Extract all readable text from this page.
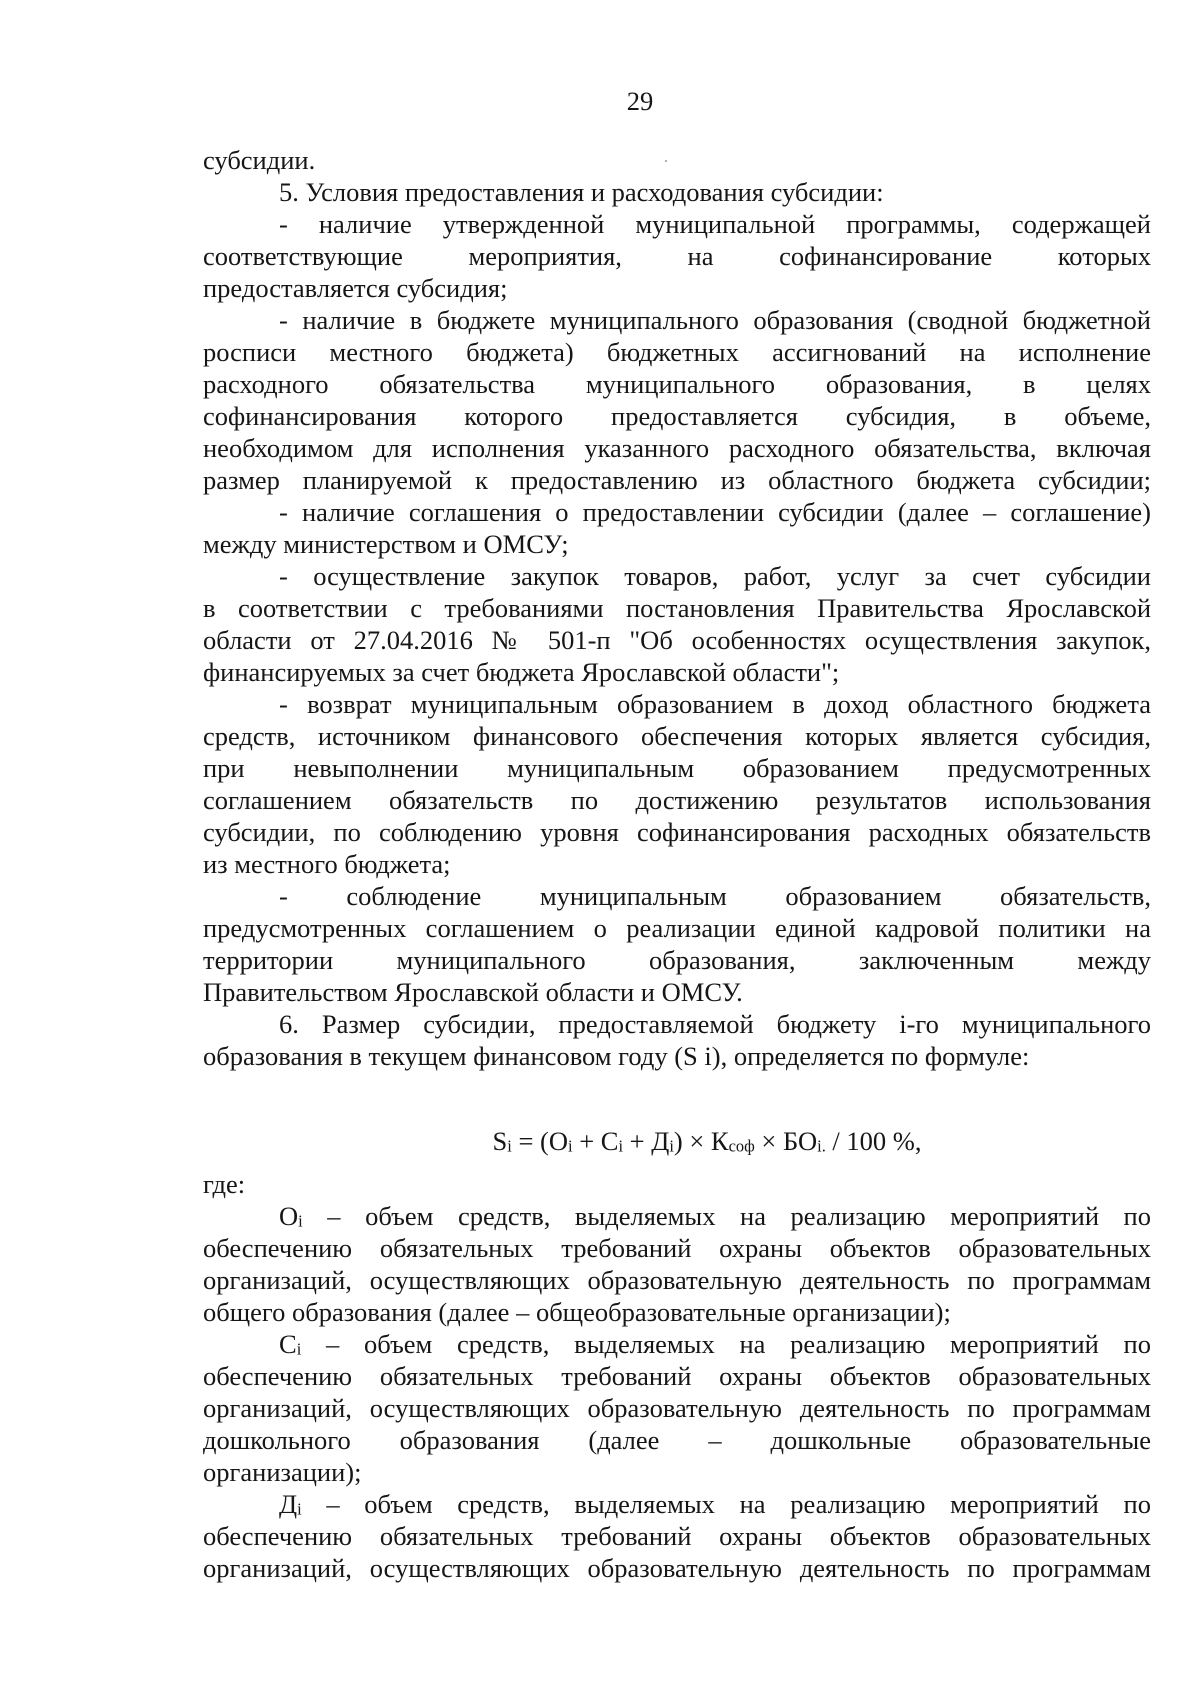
29
субсидии.
5. Условия предоставления и расходования субсидии:
- наличие утвержденной муниципальной программы, содержащей
соответствующие мероприятия, на софинансирование которых
предоставляется субсидия;
- наличие в бюджете муниципального образования (сводной бюджетной
росписи местного бюджета) бюджетных ассигнований на исполнение
расходного обязательства муниципального образования, в целях
софинансирования которого предоставляется субсидия, в объеме,
необходимом для исполнения указанного расходного обязательства, включая
размер планируемой к предоставлению из областного бюджета субсидии;
- наличие соглашения о предоставлении субсидии (далее – соглашение)
между министерством и ОМСУ;
- осуществление закупок товаров, работ, услуг за счет субсидии
в соответствии с требованиями постановления Правительства Ярославской
области от 27.04.2016 № 501-п "Об особенностях осуществления закупок,
финансируемых за счет бюджета Ярославской области";
- возврат муниципальным образованием в доход областного бюджета
средств, источником финансового обеспечения которых является субсидия,
при невыполнении муниципальным образованием предусмотренных
соглашением обязательств по достижению результатов использования
субсидии, по соблюдению уровня софинансирования расходных обязательств
из местного бюджета;
- соблюдение муниципальным образованием обязательств,
предусмотренных соглашением о реализации единой кадровой политики на
территории муниципального образования, заключенным между
Правительством Ярославской области и ОМСУ.
6. Размер субсидии, предоставляемой бюджету i-го муниципального
образования в текущем финансовом году (S i), определяется по формуле:
$S_i = (О_i + С_i + Д_i) \times К_{соф} \times БО_{i.} / 100$ %,
где:
$О_i$ – объем средств, выделяемых на реализацию мероприятий по
обеспечению обязательных требований охраны объектов образовательных
организаций, осуществляющих образовательную деятельность по программам
общего образования (далее – общеобразовательные организации);
$С_i$ – объем средств, выделяемых на реализацию мероприятий по
обеспечению обязательных требований охраны объектов образовательных
организаций, осуществляющих образовательную деятельность по программам
дошкольного образования (далее – дошкольные образовательные
организации);
$Д_i$ – объем средств, выделяемых на реализацию мероприятий по
обеспечению обязательных требований охраны объектов образовательных
организаций, осуществляющих образовательную деятельность по программам
